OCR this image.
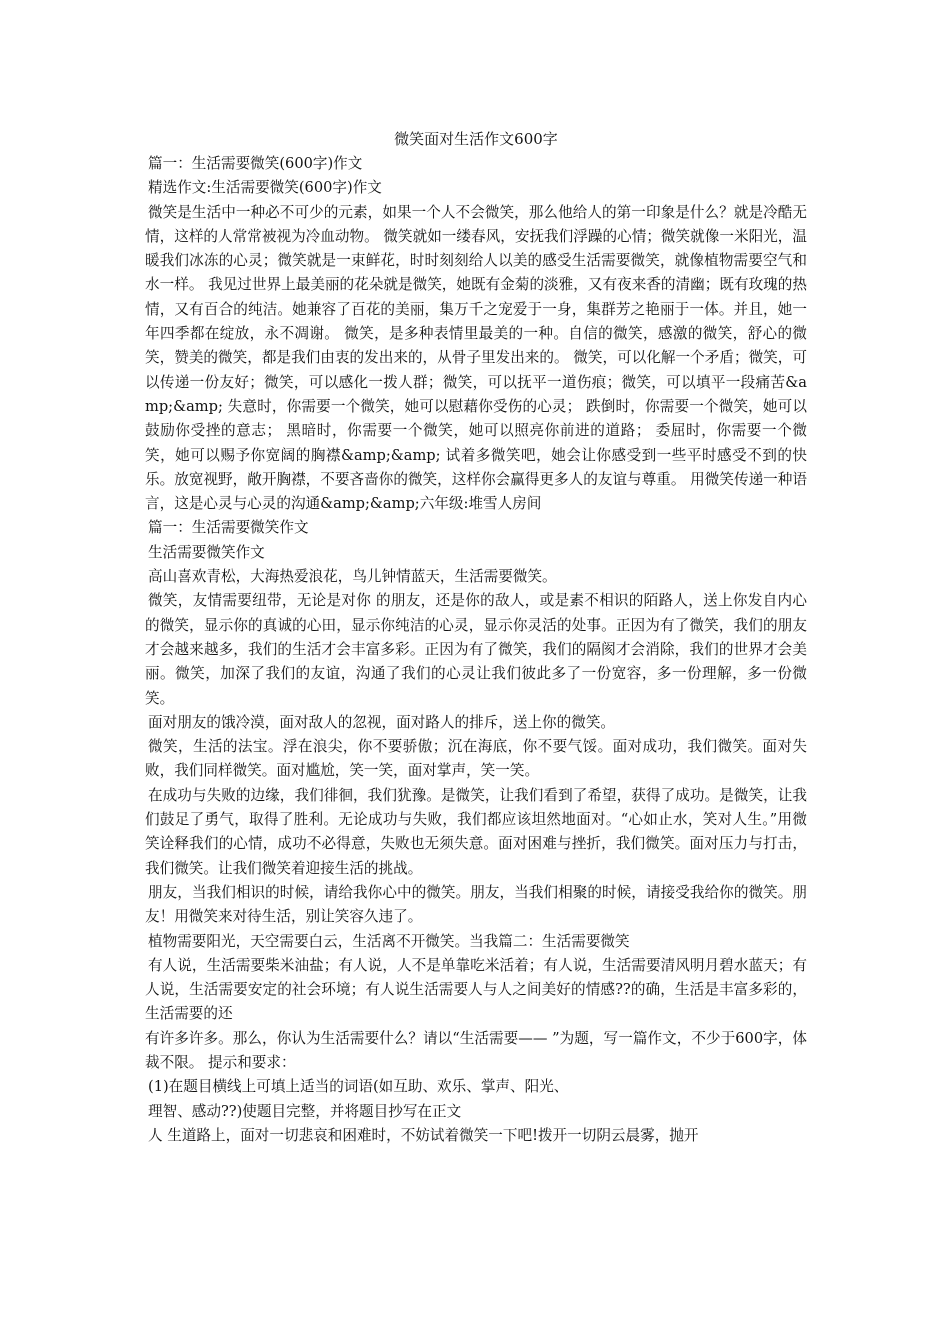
微笑面对生活作文600字

篇一：生活需要微笑(600字)作文

精选作文:生活需要微笑(600字)作文

微笑是生活中一种必不可少的元素，如果一个人不会微笑，那么他给人的第一印象是什么？就是冷酷无情，这样的人常常被视为冷血动物。 微笑就如一缕春风，安抚我们浮躁的心情；微笑就像一米阳光，温暖我们冰冻的心灵；微笑就是一束鲜花，时时刻刻给人以美的感受生活需要微笑，就像植物需要空气和水一样。 我见过世界上最美丽的花朵就是微笑，她既有金菊的淡雅，又有夜来香的清幽；既有玫瑰的热情，又有百合的纯洁。她兼容了百花的美丽，集万千之宠爱于一身，集群芳之艳丽于一体。并且，她一年四季都在绽放，永不凋谢。 微笑，是多种表情里最美的一种。自信的微笑，感激的微笑，舒心的微笑，赞美的微笑，都是我们由衷的发出来的，从骨子里发出来的。 微笑，可以化解一个矛盾；微笑，可以传递一份友好；微笑，可以感化一拨人群；微笑，可以抚平一道伤痕；微笑，可以填平一段痛苦&amp;&amp; 失意时，你需要一个微笑，她可以慰藉你受伤的心灵； 跌倒时，你需要一个微笑，她可以鼓励你受挫的意志； 黑暗时，你需要一个微笑，她可以照亮你前进的道路； 委屈时，你需要一个微笑，她可以赐予你宽阔的胸襟&amp;&amp; 试着多微笑吧，她会让你感受到一些平时感受不到的快乐。放宽视野，敞开胸襟，不要吝啬你的微笑，这样你会赢得更多人的友谊与尊重。 用微笑传递一种语言，这是心灵与心灵的沟通&amp;&amp;六年级:堆雪人房间

篇一：生活需要微笑作文

生活需要微笑作文

高山喜欢青松，大海热爱浪花，鸟儿钟情蓝天，生活需要微笑。

微笑，友情需要纽带，无论是对你 的朋友，还是你的敌人，或是素不相识的陌路人，送上你发自内心的微笑，显示你的真诚的心田，显示你纯洁的心灵，显示你灵活的处事。正因为有了微笑，我们的朋友才会越来越多，我们的生活才会丰富多彩。正因为有了微笑，我们的隔阂才会消除，我们的世界才会美丽。微笑，加深了我们的友谊，沟通了我们的心灵让我们彼此多了一份宽容，多一份理解，多一份微笑。

面对朋友的饿冷漠，面对敌人的忽视，面对路人的排斥，送上你的微笑。

微笑，生活的法宝。浮在浪尖，你不要骄傲；沉在海底，你不要气馁。面对成功，我们微笑。面对失败，我们同样微笑。面对尴尬，笑一笑，面对掌声，笑一笑。

在成功与失败的边缘，我们徘徊，我们犹豫。是微笑，让我们看到了希望，获得了成功。是微笑，让我们鼓足了勇气，取得了胜利。无论成功与失败，我们都应该坦然地面对。“心如止水，笑对人生。”用微笑诠释我们的心情，成功不必得意，失败也无须失意。面对困难与挫折，我们微笑。面对压力与打击，我们微笑。让我们微笑着迎接生活的挑战。

朋友，当我们相识的时候，请给我你心中的微笑。朋友，当我们相聚的时候，请接受我给你的微笑。朋友！用微笑来对待生活，别让笑容久违了。

植物需要阳光，天空需要白云，生活离不开微笑。当我篇二：生活需要微笑

有人说，生活需要柴米油盐；有人说，人不是单靠吃米活着；有人说，生活需要清风明月碧水蓝天；有人说，生活需要安定的社会环境；有人说生活需要人与人之间美好的情感??的确，生活是丰富多彩的，生活需要的还

有许多许多。那么，你认为生活需要什么？请以“生活需要—— ”为题，写一篇作文，不少于600字，体裁不限。 提示和要求：

(1)在题目横线上可填上适当的词语(如互助、欢乐、掌声、阳光、

理智、感动??)使题目完整，并将题目抄写在正文

人 生道路上，面对一切悲哀和困难时，不妨试着微笑一下吧!拨开一切阴云晨雾，抛开
